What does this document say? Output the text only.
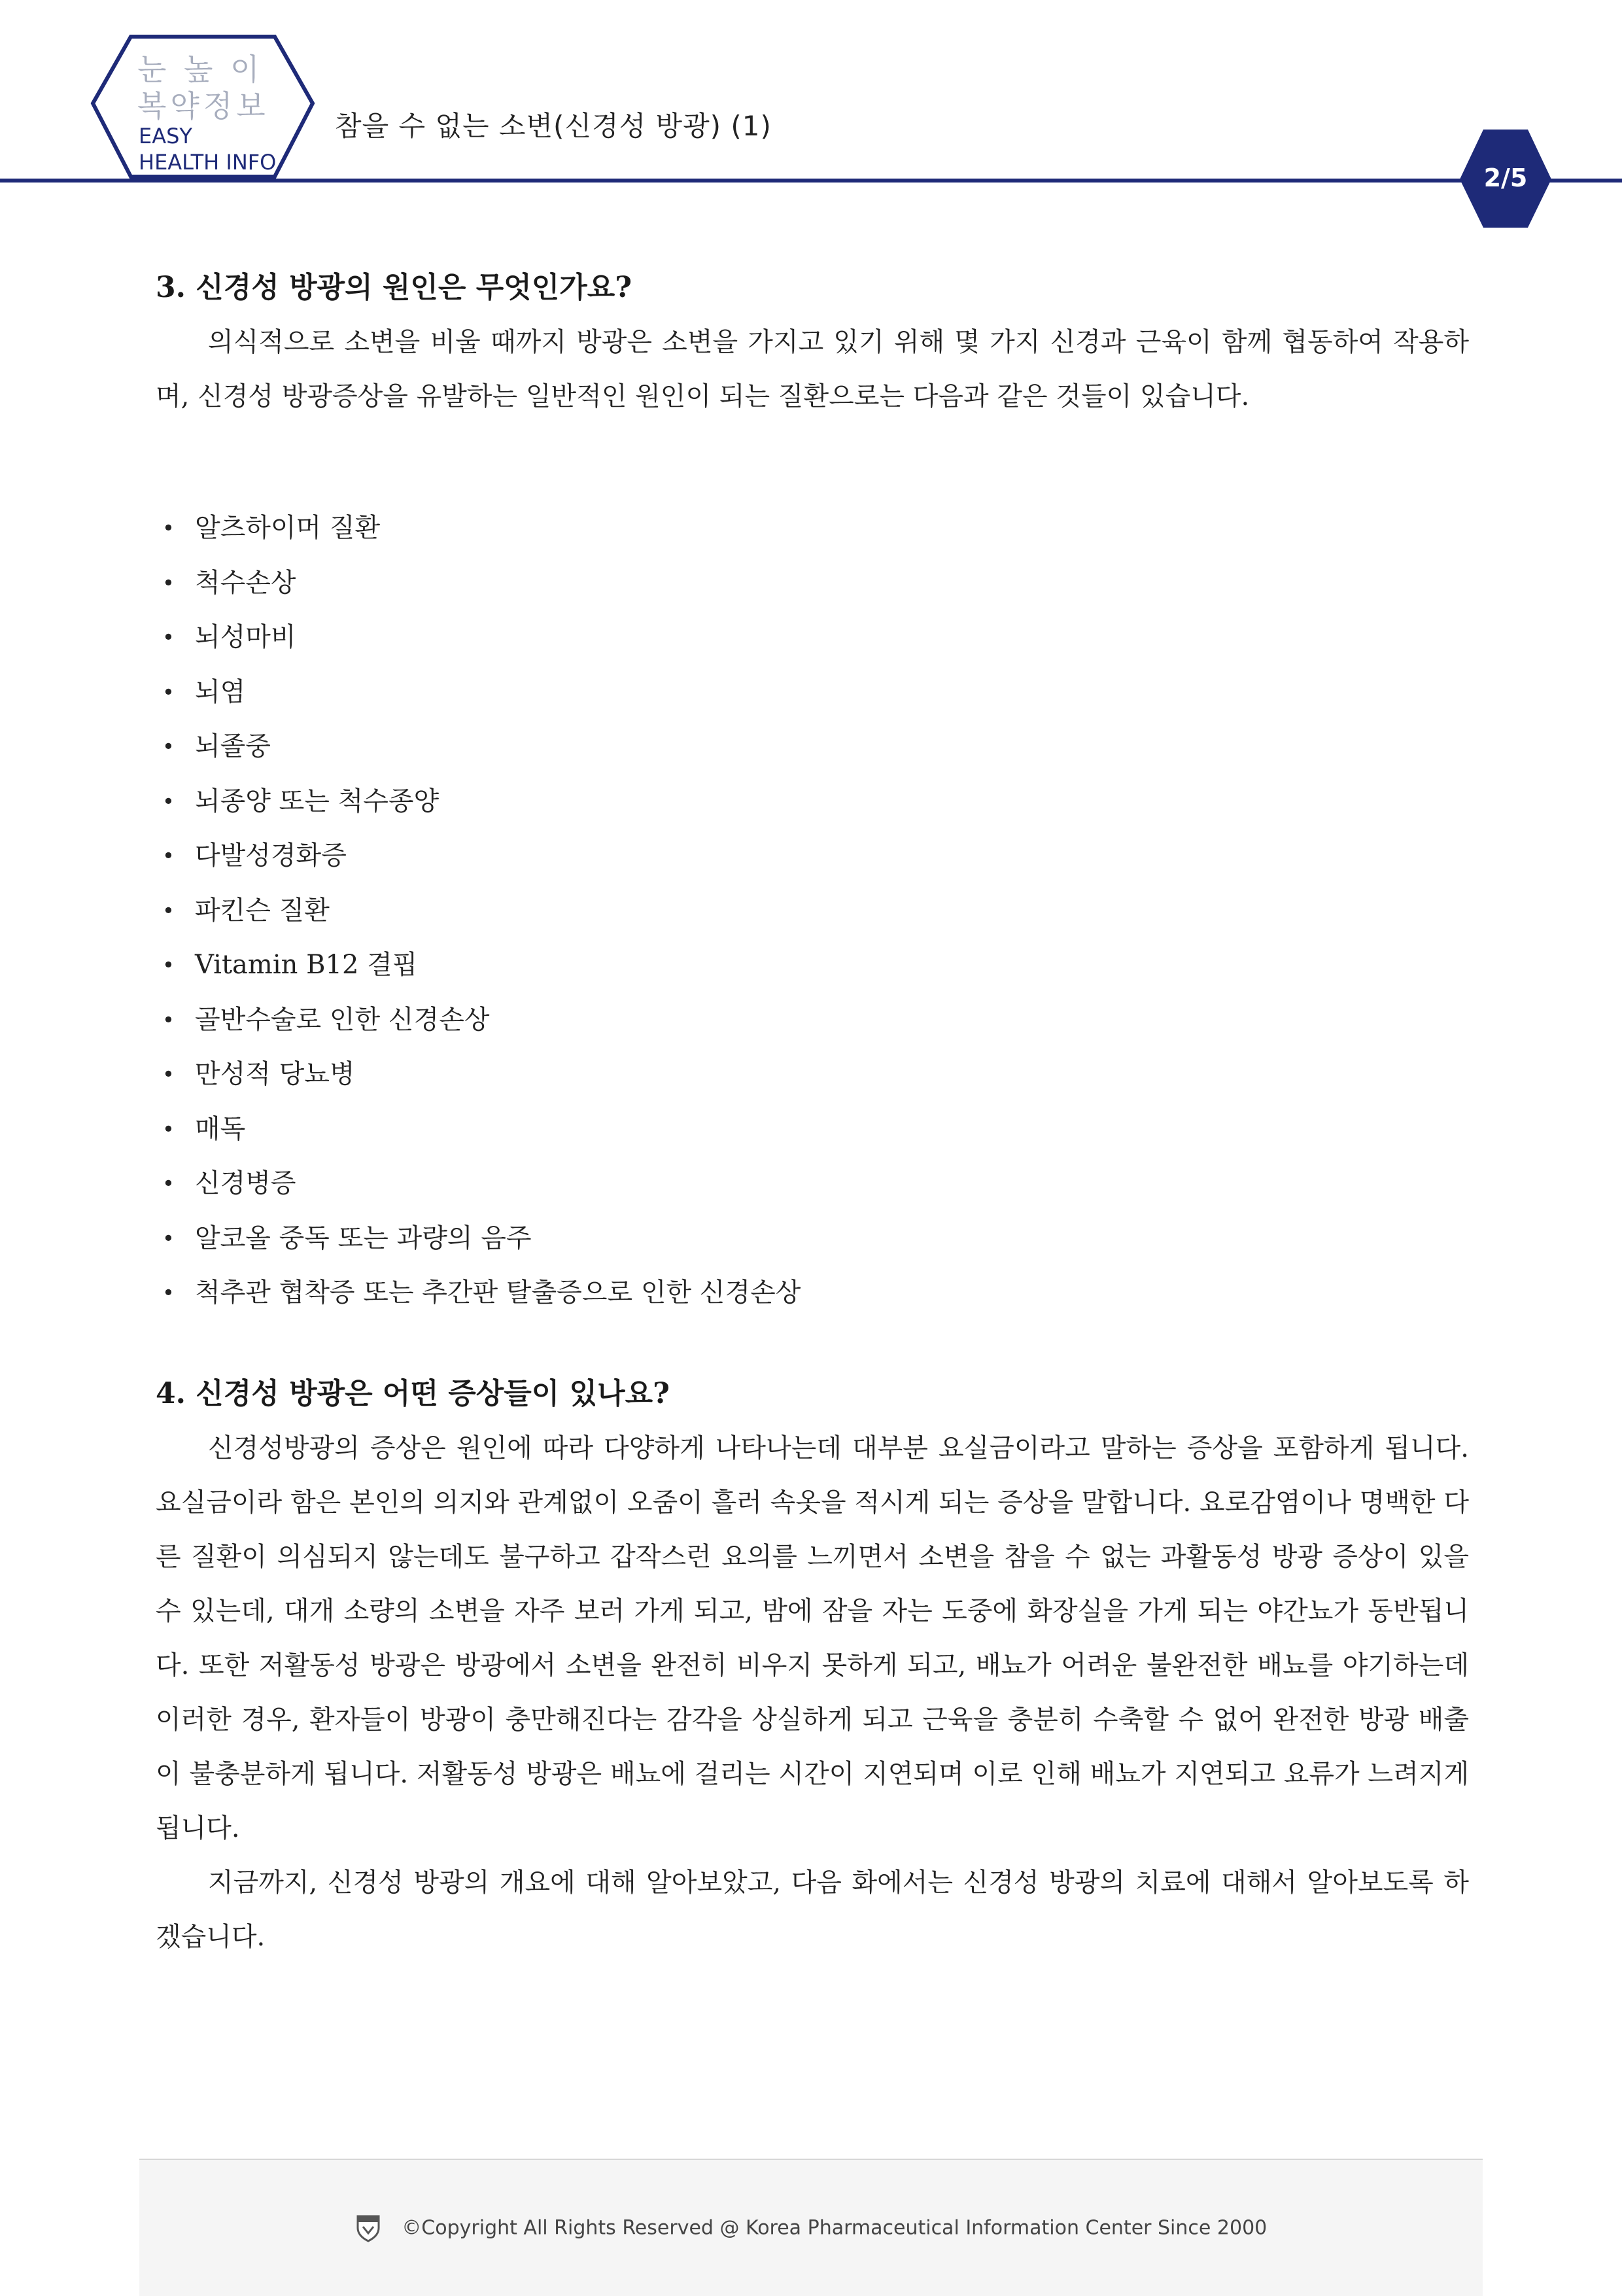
눈 높 이
복약정보
EASY
HEALTH INFO
참을 수 없는 소변(신경성 방광) (1)
2/5
3. 신경성 방광의 원인은 무엇인가요?

의식적으로 소변을 비울 때까지 방광은 소변을 가지고 있기 위해 몇 가지 신경과 근육이 함께 협동하여 작용하며, 신경성 방광증상을 유발하는 일반적인 원인이 되는 질환으로는 다음과 같은 것들이 있습니다.

• 알츠하이머 질환
• 척수손상
• 뇌성마비
• 뇌염
• 뇌졸중
• 뇌종양 또는 척수종양
• 다발성경화증
• 파킨슨 질환
• Vitamin B12 결핍
• 골반수술로 인한 신경손상
• 만성적 당뇨병
• 매독
• 신경병증
• 알코올 중독 또는 과량의 음주
• 척추관 협착증 또는 추간판 탈출증으로 인한 신경손상
4. 신경성 방광은 어떤 증상들이 있나요?

신경성방광의 증상은 원인에 따라 다양하게 나타나는데 대부분 요실금이라고 말하는 증상을 포함하게 됩니다. 요실금이라 함은 본인의 의지와 관계없이 오줌이 흘러 속옷을 적시게 되는 증상을 말합니다. 요로감염이나 명백한 다른 질환이 의심되지 않는데도 불구하고 갑작스런 요의를 느끼면서 소변을 참을 수 없는 과활동성 방광 증상이 있을 수 있는데, 대개 소량의 소변을 자주 보러 가게 되고, 밤에 잠을 자는 도중에 화장실을 가게 되는 야간뇨가 동반됩니다. 또한 저활동성 방광은 방광에서 소변을 완전히 비우지 못하게 되고, 배뇨가 어려운 불완전한 배뇨를 야기하는데 이러한 경우, 환자들이 방광이 충만해진다는 감각을 상실하게 되고 근육을 충분히 수축할 수 없어 완전한 방광 배출이 불충분하게 됩니다. 저활동성 방광은 배뇨에 걸리는 시간이 지연되며 이로 인해 배뇨가 지연되고 요류가 느려지게 됩니다.

지금까지, 신경성 방광의 개요에 대해 알아보았고, 다음 화에서는 신경성 방광의 치료에 대해서 알아보도록 하겠습니다.

©Copyright All Rights Reserved @ Korea Pharmaceutical Information Center Since 2000
